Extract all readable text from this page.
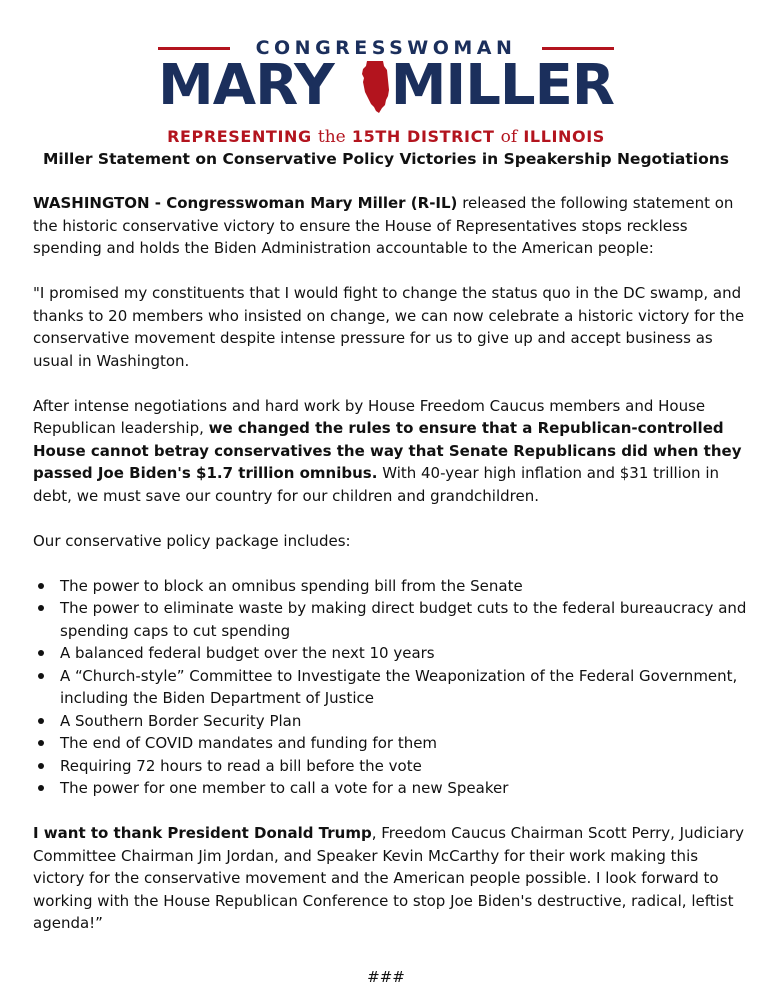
CONGRESSWOMAN
MARY MILLER
REPRESENTING the 15TH DISTRICT of ILLINOIS
Miller Statement on Conservative Policy Victories in Speakership Negotiations

WASHINGTON - Congresswoman Mary Miller (R-IL) released the following statement on the historic conservative victory to ensure the House of Representatives stops reckless spending and holds the Biden Administration accountable to the American people:

"I promised my constituents that I would fight to change the status quo in the DC swamp, and thanks to 20 members who insisted on change, we can now celebrate a historic victory for the conservative movement despite intense pressure for us to give up and accept business as usual in Washington.

After intense negotiations and hard work by House Freedom Caucus members and House Republican leadership, we changed the rules to ensure that a Republican-controlled House cannot betray conservatives the way that Senate Republicans did when they passed Joe Biden's $1.7 trillion omnibus. With 40-year high inflation and $31 trillion in debt, we must save our country for our children and grandchildren.

Our conservative policy package includes:

The power to block an omnibus spending bill from the Senate
The power to eliminate waste by making direct budget cuts to the federal bureaucracy and spending caps to cut spending
A balanced federal budget over the next 10 years
A “Church-style” Committee to Investigate the Weaponization of the Federal Government, including the Biden Department of Justice
A Southern Border Security Plan
The end of COVID mandates and funding for them
Requiring 72 hours to read a bill before the vote
The power for one member to call a vote for a new Speaker

I want to thank President Donald Trump, Freedom Caucus Chairman Scott Perry, Judiciary Committee Chairman Jim Jordan, and Speaker Kevin McCarthy for their work making this victory for the conservative movement and the American people possible. I look forward to working with the House Republican Conference to stop Joe Biden's destructive, radical, leftist agenda!”

###
